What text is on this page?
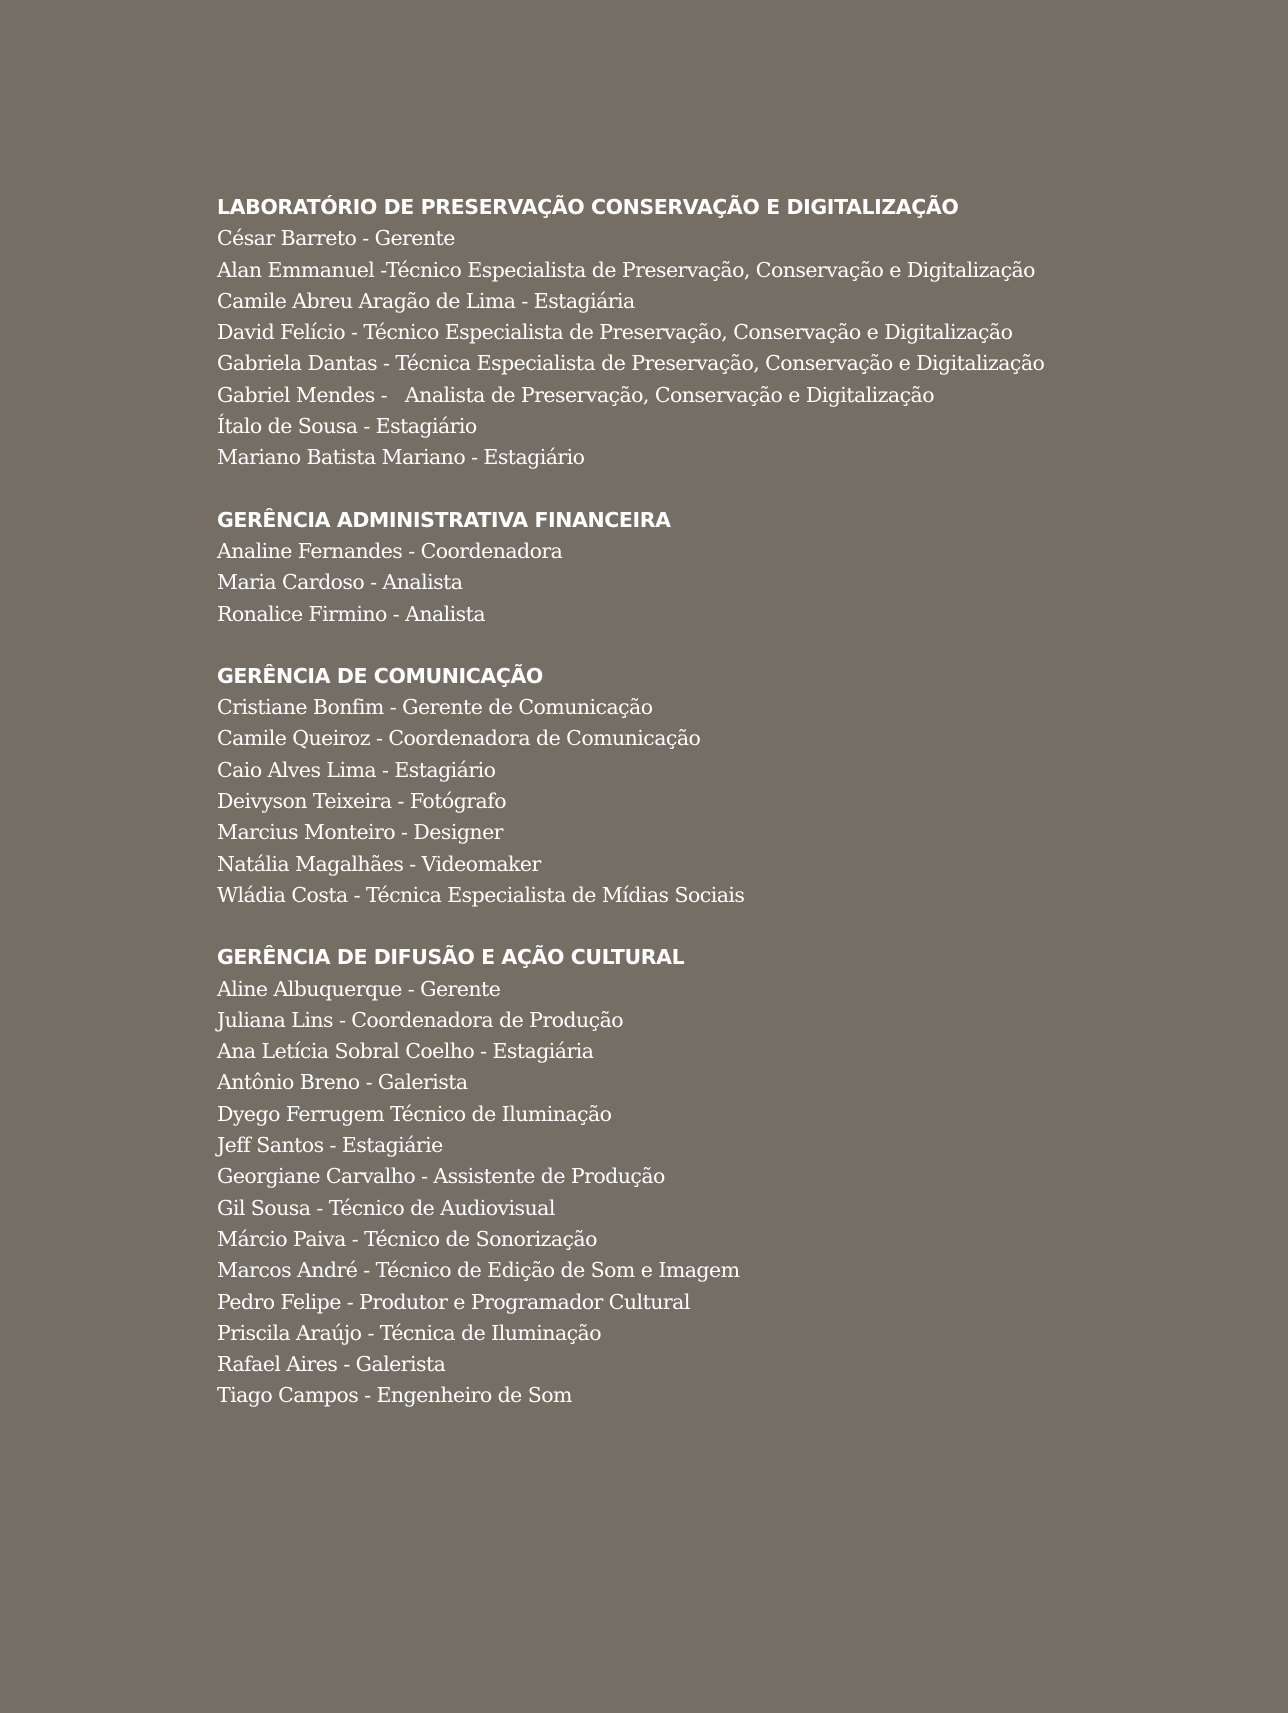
LABORATÓRIO DE PRESERVAÇÃO CONSERVAÇÃO E DIGITALIZAÇÃO
César Barreto - Gerente
Alan Emmanuel -Técnico Especialista de Preservação, Conservação e Digitalização
Camile Abreu Aragão de Lima - Estagiária
David Felício - Técnico Especialista de Preservação, Conservação e Digitalização
Gabriela Dantas - Técnica Especialista de Preservação, Conservação e Digitalização
Gabriel Mendes -   Analista de Preservação, Conservação e Digitalização
Ítalo de Sousa - Estagiário
Mariano Batista Mariano - Estagiário
GERÊNCIA ADMINISTRATIVA FINANCEIRA
Analine Fernandes - Coordenadora
Maria Cardoso - Analista
Ronalice Firmino - Analista
GERÊNCIA DE COMUNICAÇÃO
Cristiane Bonfim - Gerente de Comunicação
Camile Queiroz - Coordenadora de Comunicação
Caio Alves Lima - Estagiário
Deivyson Teixeira - Fotógrafo
Marcius Monteiro - Designer
Natália Magalhães - Videomaker
Wládia Costa - Técnica Especialista de Mídias Sociais
GERÊNCIA DE DIFUSÃO E AÇÃO CULTURAL
Aline Albuquerque - Gerente
Juliana Lins - Coordenadora de Produção
Ana Letícia Sobral Coelho - Estagiária
Antônio Breno - Galerista
Dyego Ferrugem Técnico de Iluminação
Jeff Santos - Estagiárie
Georgiane Carvalho - Assistente de Produção
Gil Sousa - Técnico de Audiovisual
Márcio Paiva - Técnico de Sonorização
Marcos André - Técnico de Edição de Som e Imagem
Pedro Felipe - Produtor e Programador Cultural
Priscila Araújo - Técnica de Iluminação
Rafael Aires - Galerista
Tiago Campos - Engenheiro de Som
